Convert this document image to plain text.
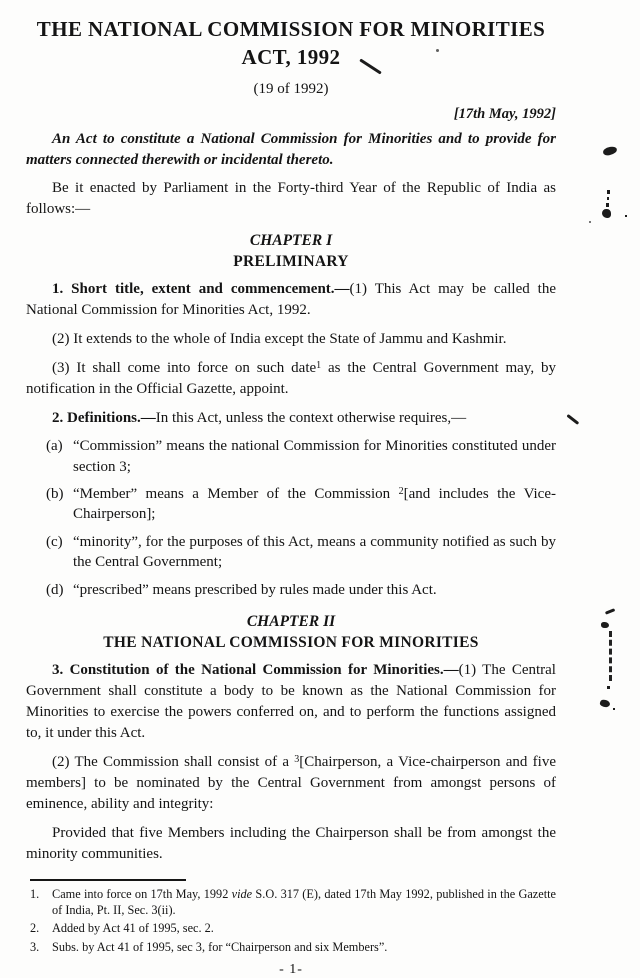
THE NATIONAL COMMISSION FOR MINORITIES
ACT, 1992
(19 of 1992)
[17th May, 1992]
An Act to constitute a National Commission for Minorities and to provide for matters connected therewith or incidental thereto.
Be it enacted by Parliament in the Forty-third Year of the Republic of India as follows:—
CHAPTER I
PRELIMINARY
1. Short title, extent and commencement.—(1) This Act may be called the National Commission for Minorities Act, 1992.
(2) It extends to the whole of India except the State of Jammu and Kashmir.
(3) It shall come into force on such date$^1$ as the Central Government may, by notification in the Official Gazette, appoint.
2. Definitions.—In this Act, unless the context otherwise requires,—
(a) “Commission” means the national Commission for Minorities constituted under section 3;
(b) “Member” means a Member of the Commission $^2$[and includes the Vice-Chairperson];
(c) “minority”, for the purposes of this Act, means a community notified as such by the Central Government;
(d) “prescribed” means prescribed by rules made under this Act.
CHAPTER II
THE NATIONAL COMMISSION FOR MINORITIES
3. Constitution of the National Commission for Minorities.—(1) The Central Government shall constitute a body to be known as the National Commission for Minorities to exercise the powers conferred on, and to perform the functions assigned to, it under this Act.
(2) The Commission shall consist of a $^3$[Chairperson, a Vice-chairperson and five members] to be nominated by the Central Government from amongst persons of eminence, ability and integrity:
Provided that five Members including the Chairperson shall be from amongst the minority communities.
1.	Came into force on 17th May, 1992 vide S.O. 317 (E), dated 17th May 1992, published in the Gazette of India, Pt. II, Sec. 3(ii).
2.	Added by Act 41 of 1995, sec. 2.
3.	Subs. by Act 41 of 1995, sec 3, for “Chairperson and six Members”.
- 1-
